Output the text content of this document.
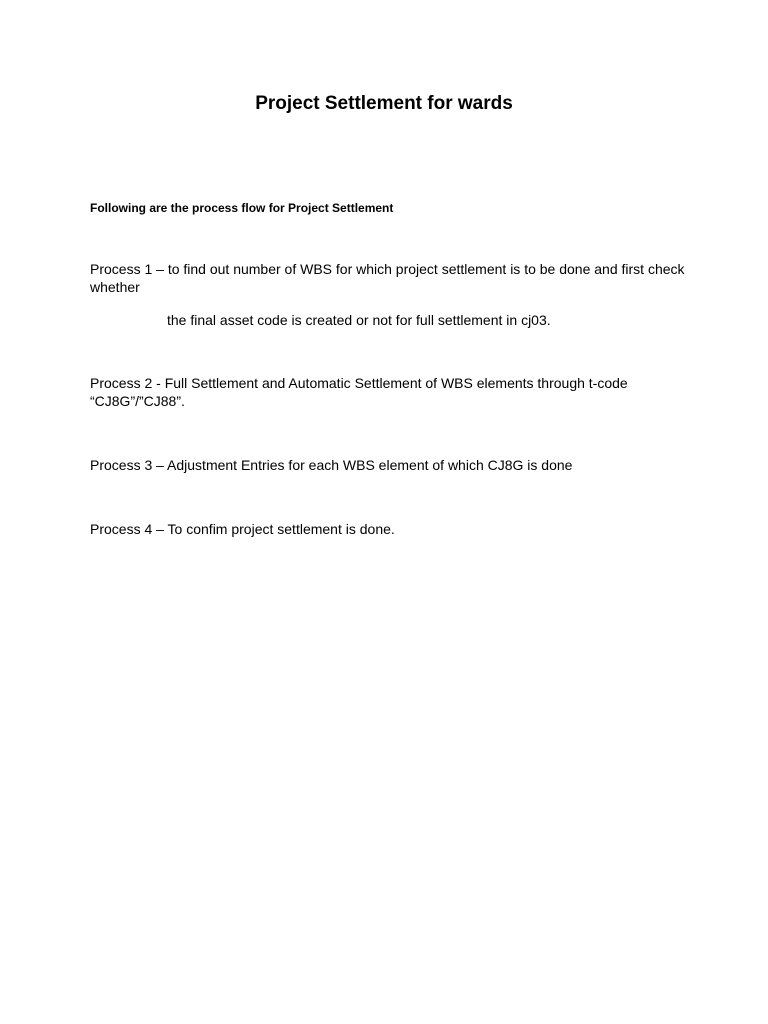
Project Settlement for wards
Following are the process flow for Project Settlement
Process 1 – to find out number of WBS for which project settlement is to be done and first check whether
the final asset code is created or not for full settlement in cj03.
Process 2 - Full Settlement and Automatic Settlement of WBS elements through t-code “CJ8G”/”CJ88”.
Process 3 – Adjustment Entries for each WBS element of which CJ8G is done
Process 4 – To confim project settlement is done.
